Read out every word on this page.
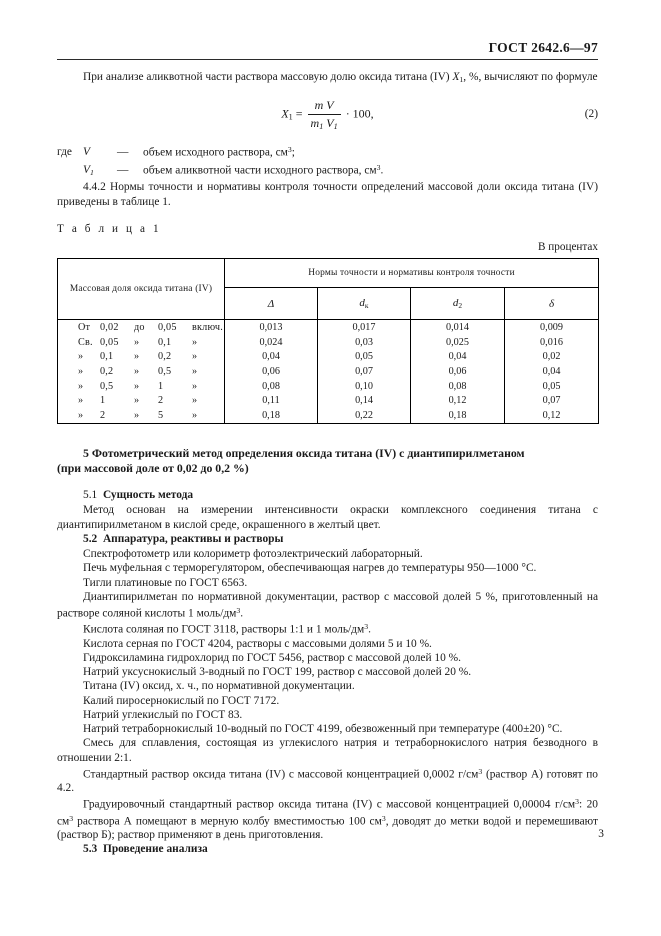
ГОСТ 2642.6—97

При анализе аликвотной части раствора массовую долю оксида титана (IV) $X_1$, %, вычисляют по формуле

$X_1 = \frac{\text{m V}}{m_1 V_1} \cdot 100$,	(2)
где V — объем исходного раствора, $см^3$;
$V_1$ — объем аликвотной части исходного раствора, $см^3$.

4.4.2 Нормы точности и нормативы контроля точности определений массовой доли оксида титана (IV) приведены в таблице 1.

Т а б л и ц а 1
В процентах
Массовая доля оксида титана (IV)	Нормы точности и нормативы контроля точности			
	Δ	$d_к$	$d_2$	δ
От 0,02 до 0,05 включ.	0,013	0,017	0,014	0,009
Св. 0,05 » 0,1 »	0,024	0,03	0,025	0,016
» 0,1 » 0,2 »	0,04	0,05	0,04	0,02
» 0,2 » 0,5 »	0,06	0,07	0,06	0,04
» 0,5 » 1 »	0,08	0,10	0,08	0,05
» 1 » 2 »	0,11	0,14	0,12	0,07
» 2 » 5 »	0,18	0,22	0,18	0,12
5 Фотометрический метод определения оксида титана (IV) с диантипирилметаном
(при массовой доле от 0,02 до 0,2 %)
5.1 Сущность метода

Метод основан на измерении интенсивности окраски комплексного соединения титана с диантипирилметаном в кислой среде, окрашенного в желтый цвет.

5.2 Аппаратура, реактивы и растворы

Спектрофотометр или колориметр фотоэлектрический лабораторный.

Печь муфельная с терморегулятором, обеспечивающая нагрев до температуры 950—1000 °С.

Тигли платиновые по ГОСТ 6563.

Диантипирилметан по нормативной документации, раствор с массовой долей 5 %, приготовленный на растворе соляной кислоты 1 моль/$дм^3$.

Кислота соляная по ГОСТ 3118, растворы 1:1 и 1 моль/$дм^3$.

Кислота серная по ГОСТ 4204, растворы с массовыми долями 5 и 10 %.

Гидроксиламина гидрохлорид по ГОСТ 5456, раствор с массовой долей 10 %.

Натрий уксуснокислый 3-водный по ГОСТ 199, раствор с массовой долей 20 %.

Титана (IV) оксид, х. ч., по нормативной документации.

Калий пиросернокислый по ГОСТ 7172.

Натрий углекислый по ГОСТ 83.

Натрий тетраборнокислый 10-водный по ГОСТ 4199, обезвоженный при температуре (400±20) °С.

Смесь для сплавления, состоящая из углекислого натрия и тетраборнокислого натрия безводного в отношении 2:1.

Стандартный раствор оксида титана (IV) с массовой концентрацией 0,0002 $г/см^3$ (раствор А) готовят по 4.2.

Градуировочный стандартный раствор оксида титана (IV) с массовой концентрацией 0,00004 $г/см^3$: 20 $см^3$ раствора А помещают в мерную колбу вместимостью 100 $см^3$, доводят до метки водой и перемешивают (раствор Б); раствор применяют в день приготовления.

5.3 Проведение анализа
3
